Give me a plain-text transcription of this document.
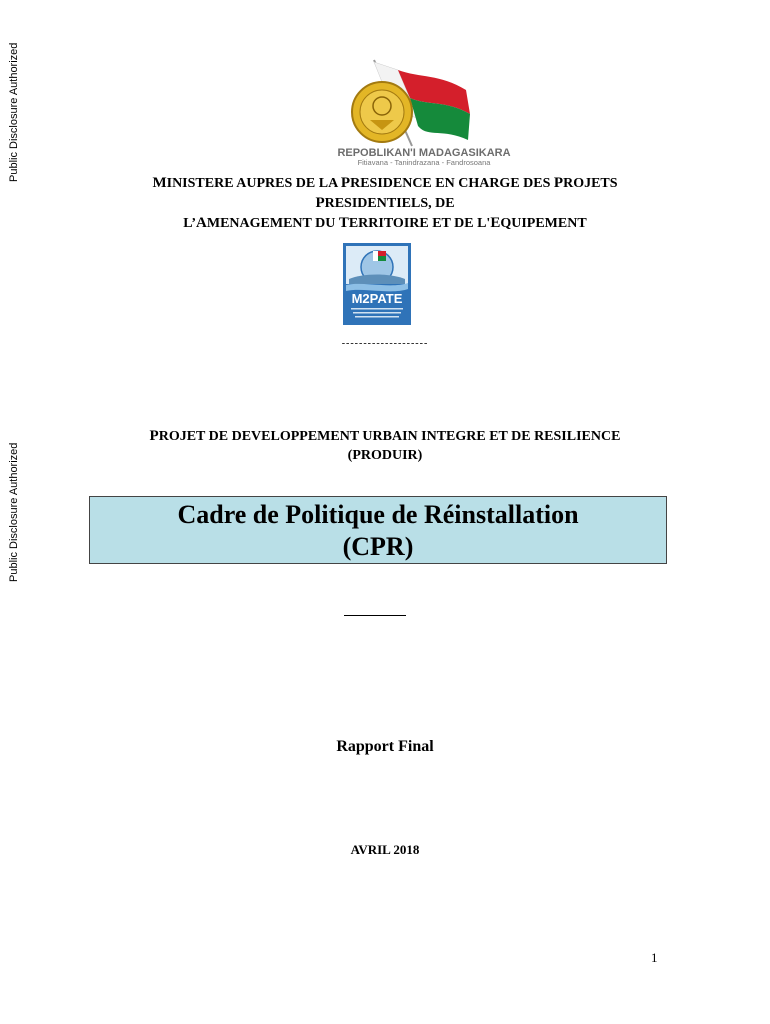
Public Disclosure Authorized
Public Disclosure Authorized
REPOBLIKAN'I MADAGASIKARA
Fitiavana - Tanindrazana - Fandrosoana
MINISTERE AUPRES DE LA PRESIDENCE EN CHARGE DES PROJETS
PRESIDENTIELS, DE
L’AMENAGEMENT DU TERRITOIRE ET DE L'EQUIPEMENT
M2PATE
--------------------
PROJET DE DEVELOPPEMENT URBAIN INTEGRE ET DE RESILIENCE
(PRODUIR)
Cadre de Politique de Réinstallation
(CPR)
Rapport Final
AVRIL 2018
1
